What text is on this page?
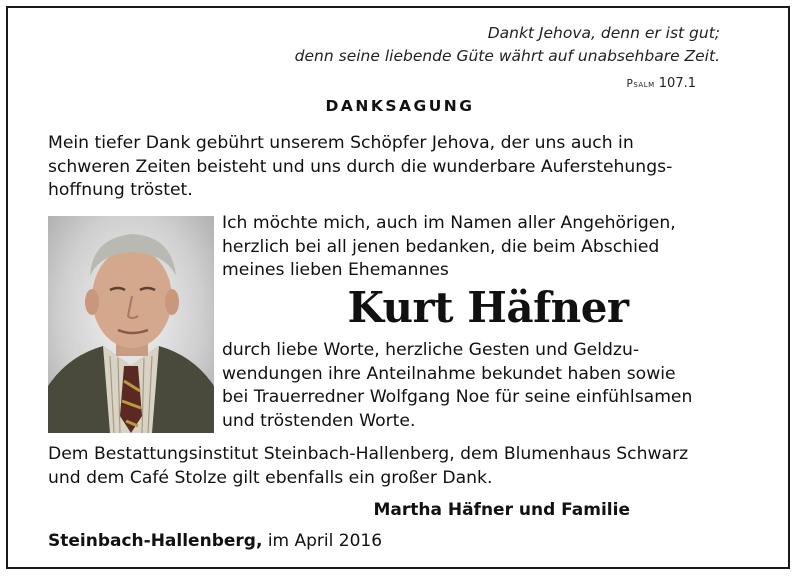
Dankt Jehova, denn er ist gut;
denn seine liebende Güte währt auf unabsehbare Zeit.
Psalm 107.1
DANKSAGUNG
Mein tiefer Dank gebührt unserem Schöpfer Jehova, der uns auch in
schweren Zeiten beisteht und uns durch die wunderbare Auferstehungs-
hoffnung tröstet.
Ich möchte mich, auch im Namen aller Angehörigen,
herzlich bei all jenen bedanken, die beim Abschied
meines lieben Ehemannes
Kurt Häfner
durch liebe Worte, herzliche Gesten und Geldzu-
wendungen ihre Anteilnahme bekundet haben sowie
bei Trauerredner Wolfgang Noe für seine einfühlsamen
und tröstenden Worte.
Dem Bestattungsinstitut Steinbach-Hallenberg, dem Blumenhaus Schwarz
und dem Café Stolze gilt ebenfalls ein großer Dank.
Martha Häfner und Familie
Steinbach-Hallenberg, im April 2016
